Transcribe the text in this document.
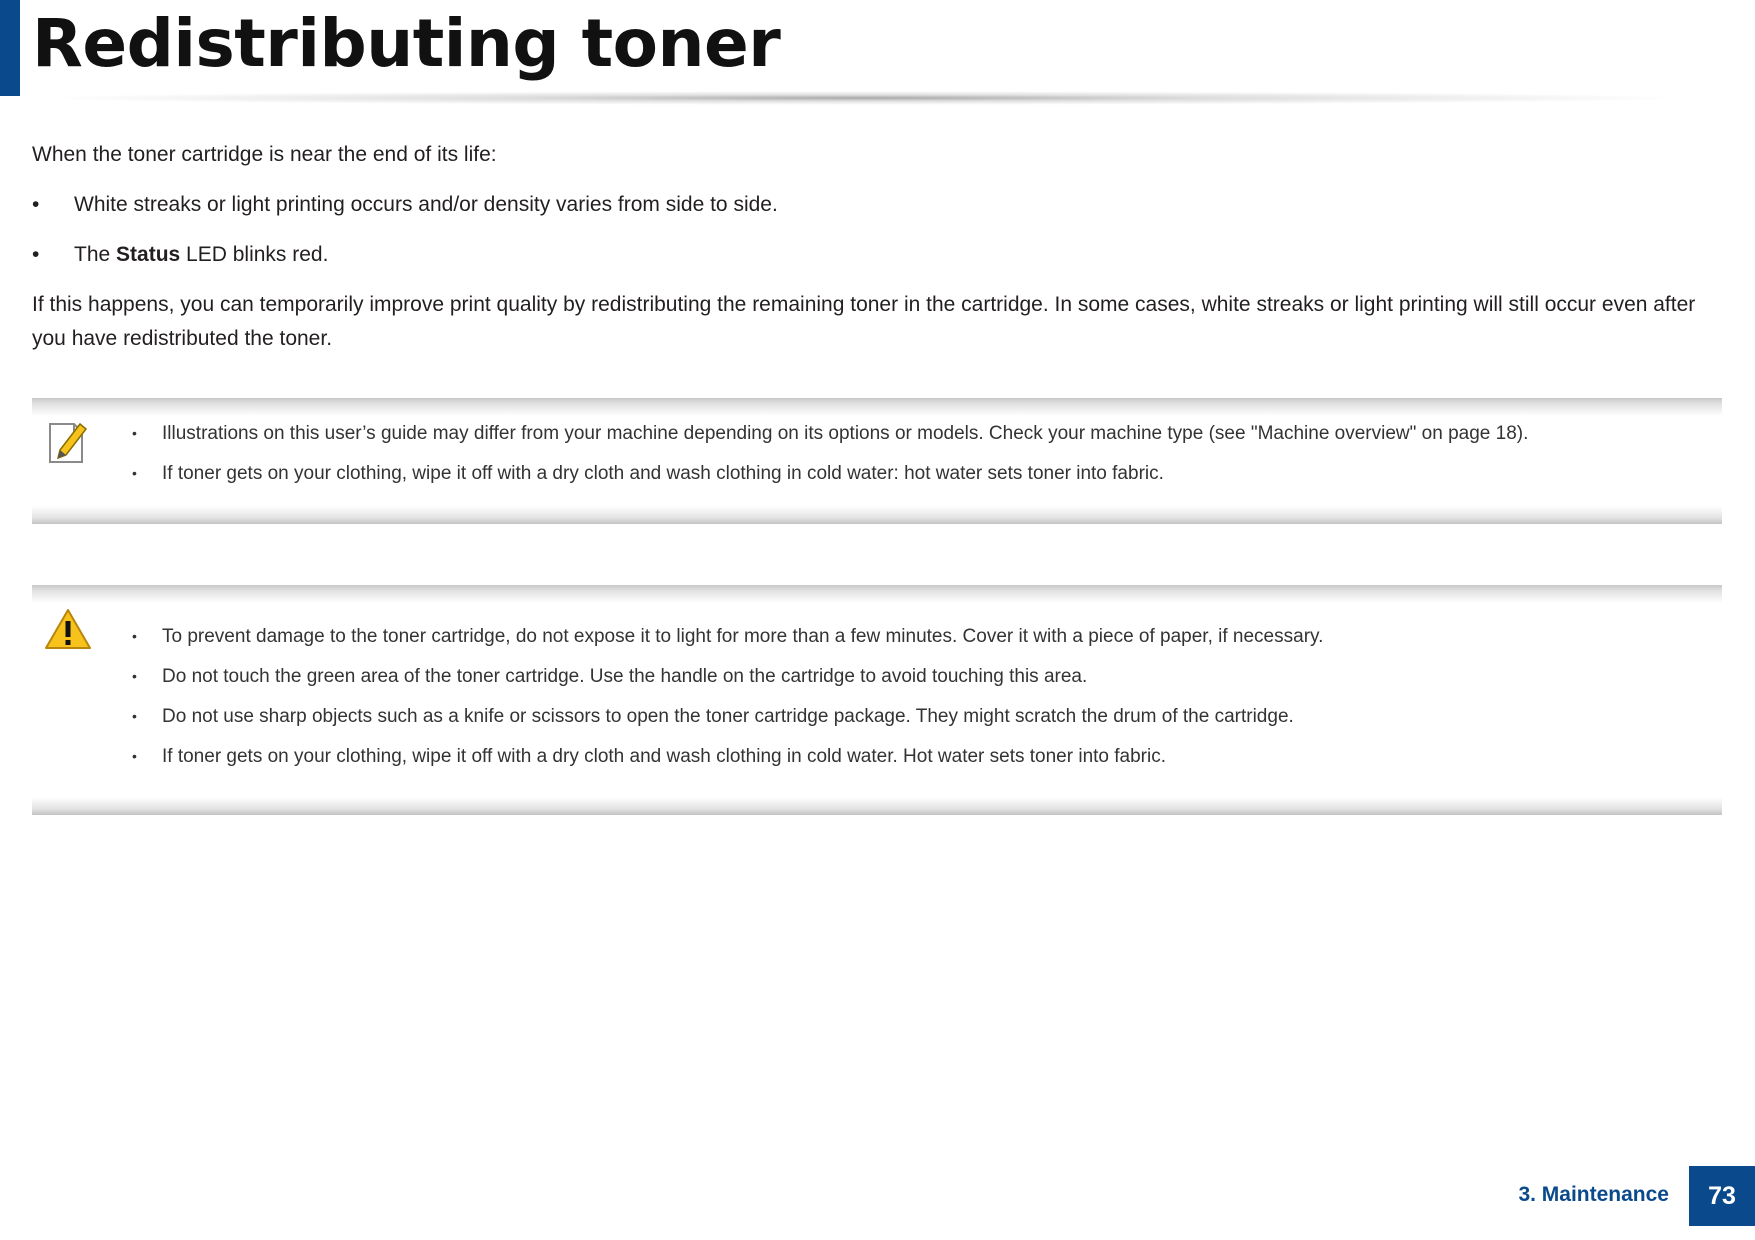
Redistributing toner
When the toner cartridge is near the end of its life:
• White streaks or light printing occurs and/or density varies from side to side.
• The Status LED blinks red.
If this happens, you can temporarily improve print quality by redistributing the remaining toner in the cartridge. In some cases, white streaks or light printing will still occur even after you have redistributed the toner.
• Illustrations on this user’s guide may differ from your machine depending on its options or models. Check your machine type (see "Machine overview" on page 18).
• If toner gets on your clothing, wipe it off with a dry cloth and wash clothing in cold water: hot water sets toner into fabric.
• To prevent damage to the toner cartridge, do not expose it to light for more than a few minutes. Cover it with a piece of paper, if necessary.
• Do not touch the green area of the toner cartridge. Use the handle on the cartridge to avoid touching this area.
• Do not use sharp objects such as a knife or scissors to open the toner cartridge package. They might scratch the drum of the cartridge.
• If toner gets on your clothing, wipe it off with a dry cloth and wash clothing in cold water. Hot water sets toner into fabric.
3. Maintenance	73
